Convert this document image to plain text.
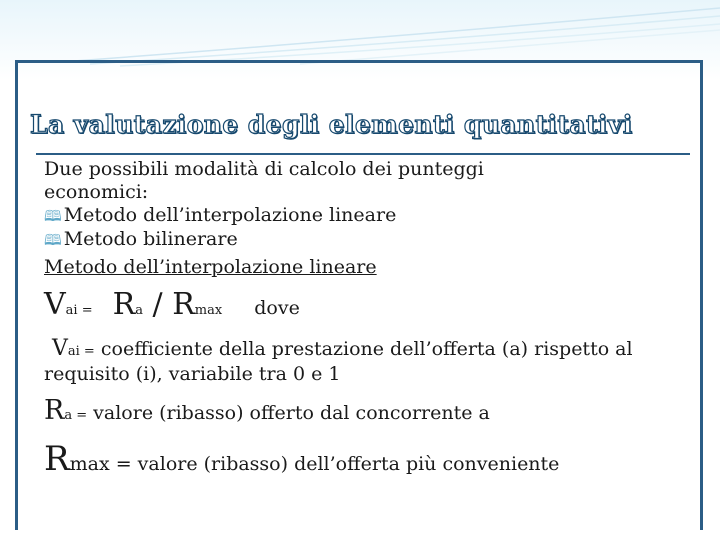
La valutazione degli elementi quantitativi
Due possibili modalità di calcolo dei punteggi
economici:
🕮 Metodo dell’interpolazione lineare
🕮 Metodo bilinerare
Metodo dell’interpolazione lineare
Vai = Ra / Rmax dove
Vai = coefficiente della prestazione dell’offerta (a) rispetto al
requisito (i), variabile tra 0 e 1
Ra = valore (ribasso) offerto dal concorrente a
Rmax = valore (ribasso) dell’offerta più conveniente
